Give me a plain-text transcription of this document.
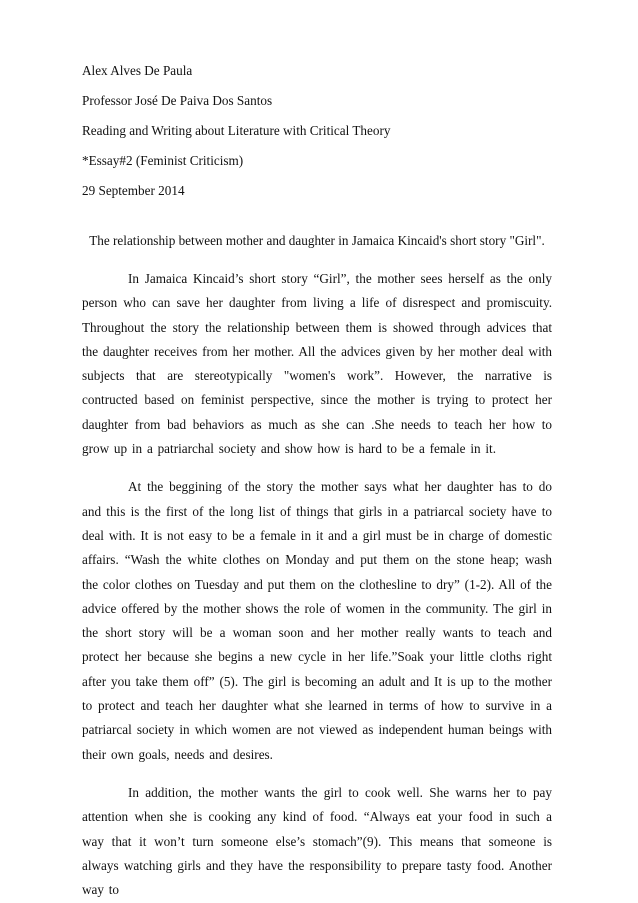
Alex Alves De Paula
Professor José De Paiva Dos Santos
Reading and Writing about Literature with Critical Theory
*Essay#2 (Feminist Criticism)
29 September 2014
The relationship between mother and daughter in Jamaica Kincaid's short story "Girl".

In Jamaica Kincaid’s short story “Girl”, the mother sees herself as the only person who can save her daughter from living a life of disrespect and promiscuity. Throughout the story the relationship between them is showed through advices that the daughter receives from her mother. All the advices given by her mother deal with subjects that are stereotypically "women's work”. However, the narrative is contructed based on feminist perspective, since the mother is trying to protect her daughter from bad behaviors as much as she can .She needs to teach her how to grow up in a patriarchal society and show how is hard to be a female in it.

At the beggining of the story the mother says what her daughter has to do and this is the first of the long list of things that girls in a patriarcal society have to deal with. It is not easy to be a female in it and a girl must be in charge of domestic affairs. “Wash the white clothes on Monday and put them on the stone heap; wash the color clothes on Tuesday and put them on the clothesline to dry” (1-2). All of the advice offered by the mother shows the role of women in the community. The girl in the short story will be a woman soon and her mother really wants to teach and protect her because she begins a new cycle in her life.”Soak your little cloths right after you take them off” (5). The girl is becoming an adult and It is up to the mother to protect and teach her daughter what she learned in terms of how to survive in a patriarcal society in which women are not viewed as independent human beings with their own goals, needs and desires.

In addition, the mother wants the girl to cook well. She warns her to pay attention when she is cooking any kind of food. “Always eat your food in such a way that it won’t turn someone else’s stomach”(9). This means that someone is always watching girls and they have the responsibility to prepare tasty food. Another way to
